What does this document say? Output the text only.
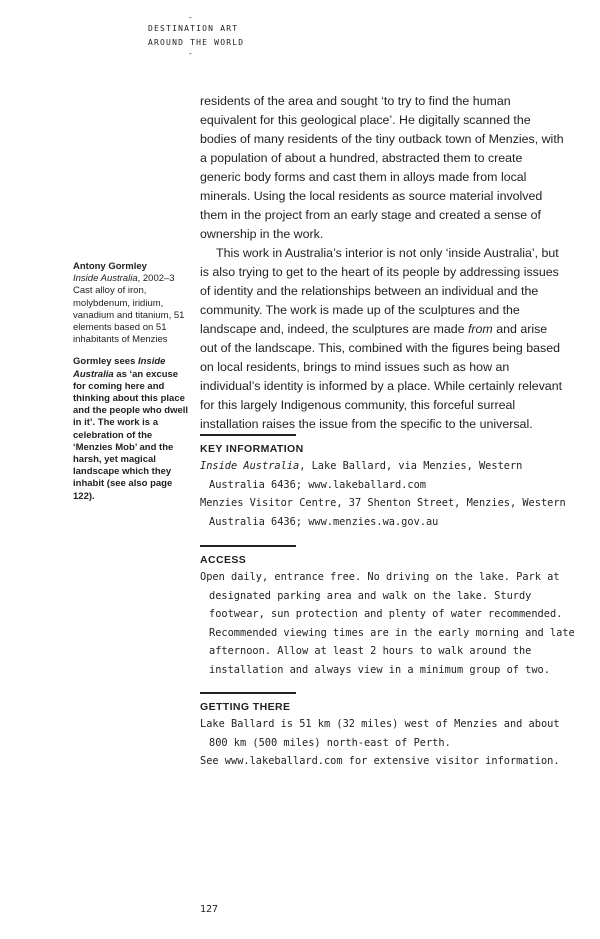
-
DESTINATION ART
AROUND THE WORLD
-

residents of the area and sought ‘to try to find the human equivalent for this geological place’. He digitally scanned the bodies of many residents of the tiny outback town of Menzies, with a population of about a hundred, abstracted them to create generic body forms and cast them in alloys made from local minerals. Using the local residents as source material involved them in the project from an early stage and created a sense of ownership in the work.

This work in Australia’s interior is not only ‘inside Australia’, but is also trying to get to the heart of its people by addressing issues of identity and the relationships between an individual and the community. The work is made up of the sculptures and the landscape and, indeed, the sculptures are made from and arise out of the landscape. This, combined with the figures being based on local residents, brings to mind issues such as how an individual’s identity is informed by a place. While certainly relevant for this largely Indigenous community, this forceful surreal installation raises the issue from the specific to the universal.

Antony Gormley
Inside Australia, 2002–3
Cast alloy of iron, molybdenum, iridium, vanadium and titanium, 51 elements based on 51 inhabitants of Menzies
Gormley sees Inside Australia as ‘an excuse for coming here and thinking about this place and the people who dwell in it’. The work is a celebration of the ‘Menzies Mob’ and the harsh, yet magical landscape which they inhabit (see also page 122).
KEY INFORMATION
Inside Australia, Lake Ballard, via Menzies, Western Australia 6436; www.lakeballard.com
Menzies Visitor Centre, 37 Shenton Street, Menzies, Western Australia 6436; www.menzies.wa.gov.au
ACCESS
Open daily, entrance free. No driving on the lake. Park at designated parking area and walk on the lake. Sturdy footwear, sun protection and plenty of water recommended. Recommended viewing times are in the early morning and late afternoon. Allow at least 2 hours to walk around the installation and always view in a minimum group of two.
GETTING THERE
Lake Ballard is 51 km (32 miles) west of Menzies and about 800 km (500 miles) north-east of Perth.
See www.lakeballard.com for extensive visitor information.
127
